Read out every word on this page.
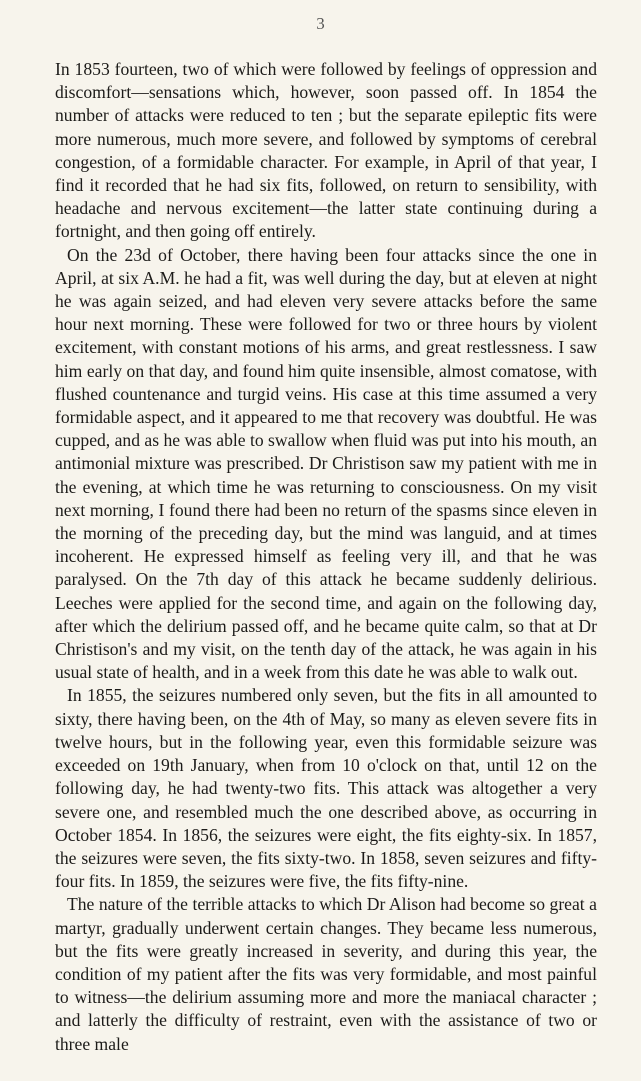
3

In 1853 fourteen, two of which were followed by feelings of oppression and discomfort—sensations which, however, soon passed off. In 1854 the number of attacks were reduced to ten ; but the separate epileptic fits were more numerous, much more severe, and followed by symptoms of cerebral congestion, of a formidable character. For example, in April of that year, I find it recorded that he had six fits, followed, on return to sensibility, with headache and nervous excitement—the latter state continuing during a fortnight, and then going off entirely.

On the 23d of October, there having been four attacks since the one in April, at six A.M. he had a fit, was well during the day, but at eleven at night he was again seized, and had eleven very severe attacks before the same hour next morning. These were followed for two or three hours by violent excitement, with constant motions of his arms, and great restlessness. I saw him early on that day, and found him quite insensible, almost comatose, with flushed countenance and turgid veins. His case at this time assumed a very formidable aspect, and it appeared to me that recovery was doubtful. He was cupped, and as he was able to swallow when fluid was put into his mouth, an antimonial mixture was prescribed. Dr Christison saw my patient with me in the evening, at which time he was returning to consciousness. On my visit next morning, I found there had been no return of the spasms since eleven in the morning of the preceding day, but the mind was languid, and at times incoherent. He expressed himself as feeling very ill, and that he was paralysed. On the 7th day of this attack he became suddenly delirious. Leeches were applied for the second time, and again on the following day, after which the delirium passed off, and he became quite calm, so that at Dr Christison's and my visit, on the tenth day of the attack, he was again in his usual state of health, and in a week from this date he was able to walk out.

In 1855, the seizures numbered only seven, but the fits in all amounted to sixty, there having been, on the 4th of May, so many as eleven severe fits in twelve hours, but in the following year, even this formidable seizure was exceeded on 19th January, when from 10 o'clock on that, until 12 on the following day, he had twenty-two fits. This attack was altogether a very severe one, and resembled much the one described above, as occurring in October 1854. In 1856, the seizures were eight, the fits eighty-six. In 1857, the seizures were seven, the fits sixty-two. In 1858, seven seizures and fifty-four fits. In 1859, the seizures were five, the fits fifty-nine.

The nature of the terrible attacks to which Dr Alison had become so great a martyr, gradually underwent certain changes. They became less numerous, but the fits were greatly increased in severity, and during this year, the condition of my patient after the fits was very formidable, and most painful to witness—the delirium assuming more and more the maniacal character ; and latterly the difficulty of restraint, even with the assistance of two or three male
